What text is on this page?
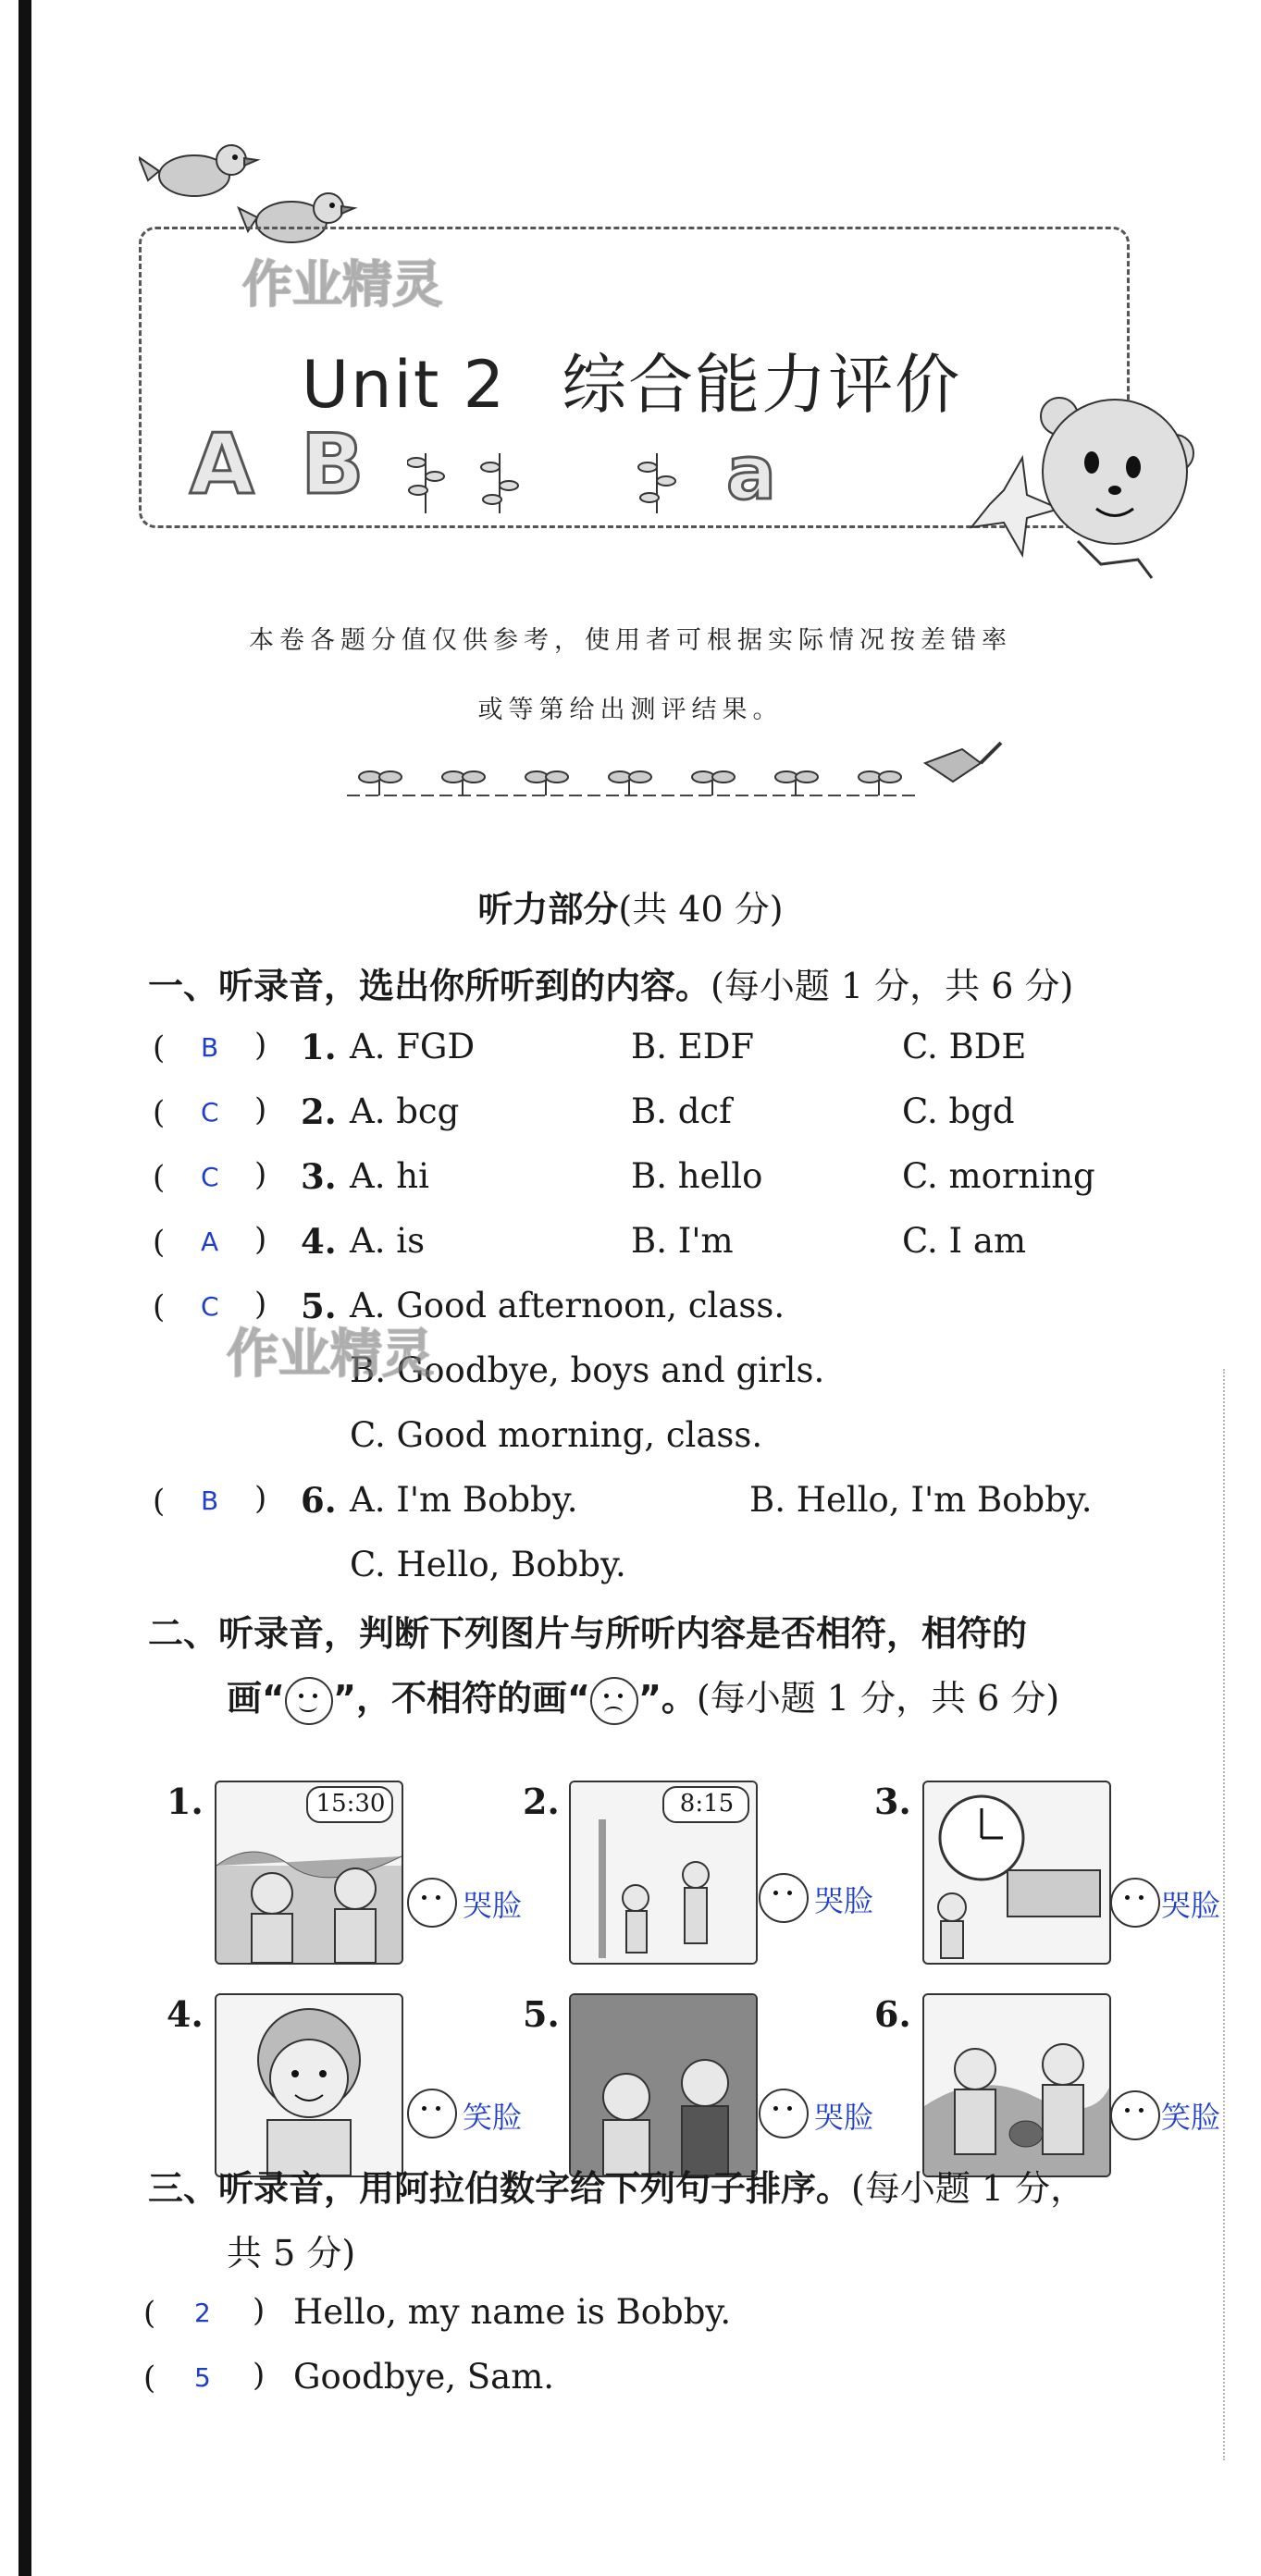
作业精灵
Unit 2 综合能力评价
A B	a
本卷各题分值仅供参考，使用者可根据实际情况按差错率
或等第给出测评结果。
听力部分(共 40 分)
一、听录音，选出你所听到的内容。(每小题 1 分，共 6 分)
( B ) 1. A. FGD	B. EDF	C. BDE
( C ) 2. A. bcg	B. dcf	C. bgd
( C ) 3. A. hi	B. hello	C. morning
( A ) 4. A. is	B. I'm	C. I am
( C ) 5. A. Good afternoon, class.
B. Goodbye, boys and girls.
C. Good morning, class.
作业精灵
( B ) 6. A. I'm Bobby.	B. Hello, I'm Bobby.
C. Hello, Bobby.
二、听录音，判断下列图片与所听内容是否相符，相符的
画“ ”，不相符的画“ ”。(每小题 1 分，共 6 分)
1.	15:30
哭脸
2.	8:15
哭脸
3.
哭脸
4.
笑脸
5.
哭脸
6.
笑脸
三、听录音，用阿拉伯数字给下列句子排序。(每小题 1 分，
共 5 分)
( 2 ) Hello, my name is Bobby.
( 5 ) Goodbye, Sam.
